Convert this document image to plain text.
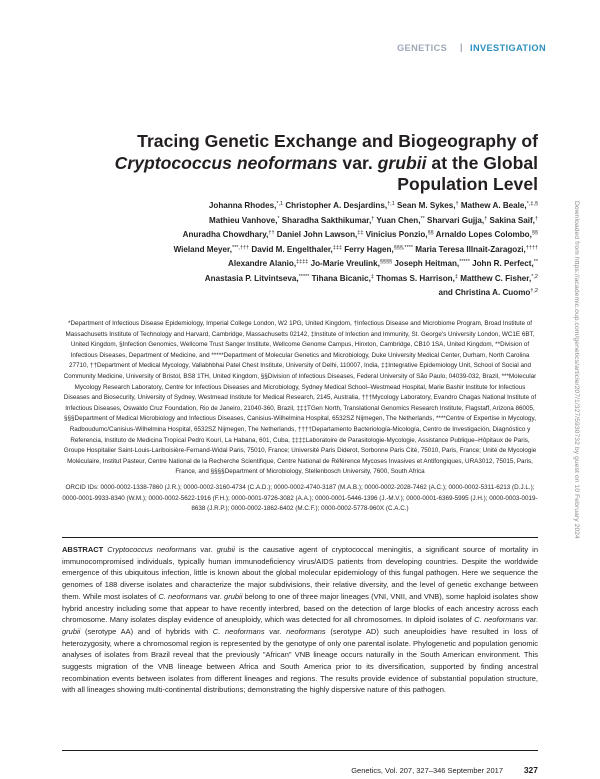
GENETICS | INVESTIGATION
Tracing Genetic Exchange and Biogeography of
Cryptococcus neoformans var. grubii at the Global
Population Level
Johanna Rhodes,$^{*,1}$ Christopher A. Desjardins,$^{\dagger,1}$ Sean M. Sykes,† Mathew A. Beale,*,‡,§
Mathieu Vanhove,* Sharadha Sakthikumar,† Yuan Chen,** Sharvari Gujja,† Sakina Saif,†
Anuradha Chowdhary,†† Daniel John Lawson,‡‡ Vinicius Ponzio,§§ Arnaldo Lopes Colombo,§§
Wieland Meyer,***,††† David M. Engelthaler,‡‡‡ Ferry Hagen,§§§,**** Maria Teresa Illnait-Zaragozi,††††
Alexandre Alanio,‡‡‡‡ Jo-Marie Vreulink,§§§§ Joseph Heitman,***** John R. Perfect,**
Anastasia P. Litvintseva,***** Tihana Bicanic,‡ Thomas S. Harrison,‡ Matthew C. Fisher,$^{*,2}$
and Christina A. Cuomo$^{\dagger,2}$
*Department of Infectious Disease Epidemiology, Imperial College London, W2 1PG, United Kingdom, †Infectious Disease and Microbiome Program, Broad Institute of Massachusetts Institute of Technology and Harvard, Cambridge, Massachusetts 02142, ‡Institute of Infection and Immunity, St. George's University London, WC1E 6BT, United Kingdom, §Infection Genomics, Wellcome Trust Sanger Institute, Wellcome Genome Campus, Hinxton, Cambridge, CB10 1SA, United Kingdom, **Division of Infectious Diseases, Department of Medicine, and *****Department of Molecular Genetics and Microbiology, Duke University Medical Center, Durham, North Carolina 27710, ††Department of Medical Mycology, Vallabhbhai Patel Chest Institute, University of Delhi, 110007, India, ‡‡Integrative Epidemiology Unit, School of Social and Community Medicine, University of Bristol, BS8 1TH, United Kingdom, §§Division of Infectious Diseases, Federal University of São Paulo, 04039-032, Brazil, ***Molecular Mycology Research Laboratory, Centre for Infectious Diseases and Microbiology, Sydney Medical School–Westmead Hospital, Marie Bashir Institute for Infectious Diseases and Biosecurity, University of Sydney, Westmead Institute for Medical Research, 2145, Australia, †††Mycology Laboratory, Evandro Chagas National Institute of Infectious Diseases, Oswaldo Cruz Foundation, Rio de Janeiro, 21040-360, Brazil, ‡‡‡TGen North, Translational Genomics Research Institute, Flagstaff, Arizona 86005, §§§Department of Medical Microbiology and Infectious Diseases, Canisius-Wilhelmina Hospital, 6532SZ Nijmegen, The Netherlands, ****Centre of Expertise in Mycology, Radboudumc/Canisius-Wilhelmina Hospital, 6532SZ Nijmegen, The Netherlands, ††††Departamento Bacteriología-Micología, Centro de Investigación, Diagnóstico y Referencia, Instituto de Medicina Tropical Pedro Kourí, La Habana, 601, Cuba, ‡‡‡‡Laboratoire de Parasitologie-Mycologie, Assistance Publique–Hôpitaux de Paris, Groupe Hospitalier Saint-Louis-Lariboisière-Fernand-Widal Paris, 75010, France; Université Paris Diderot, Sorbonne Paris Cité, 75010, Paris, France; Unité de Mycologie Moléculaire, Institut Pasteur, Centre National de la Recherche Scientifique, Centre National de Référence Mycoses Invasives et Antifongiques, URA3012, 75015, Paris, France, and §§§§Department of Microbiology, Stellenbosch University, 7600, South Africa
ORCID IDs: 0000-0002-1338-7860 (J.R.); 0000-0002-3160-4734 (C.A.D.); 0000-0002-4740-3187 (M.A.B.); 0000-0002-2028-7462 (A.C.); 0000-0002-5311-6213 (D.J.L.); 0000-0001-9933-8340 (W.M.); 0000-0002-5622-1916 (F.H.); 0000-0001-9726-3082 (A.A.); 0000-0001-5446-1396 (J.-M.V.); 0000-0001-6369-5995 (J.H.); 0000-0003-0019-8638 (J.R.P.); 0000-0002-1862-6402 (M.C.F.); 0000-0002-5778-960X (C.A.C.)
ABSTRACT Cryptococcus neoformans var. grubii is the causative agent of cryptococcal meningitis, a significant source of mortality in immunocompromised individuals, typically human immunodeficiency virus/AIDS patients from developing countries. Despite the worldwide emergence of this ubiquitous infection, little is known about the global molecular epidemiology of this fungal pathogen. Here we sequence the genomes of 188 diverse isolates and characterize the major subdivisions, their relative diversity, and the level of genetic exchange between them. While most isolates of C. neoformans var. grubii belong to one of three major lineages (VNI, VNII, and VNB), some haploid isolates show hybrid ancestry including some that appear to have recently interbred, based on the detection of large blocks of each ancestry across each chromosome. Many isolates display evidence of aneuploidy, which was detected for all chromosomes. In diploid isolates of C. neoformans var. grubii (serotype AA) and of hybrids with C. neoformans var. neoformans (serotype AD) such aneuploidies have resulted in loss of heterozygosity, where a chromosomal region is represented by the genotype of only one parental isolate. Phylogenetic and population genomic analyses of isolates from Brazil reveal that the previously "African" VNB lineage occurs naturally in the South American environment. This suggests migration of the VNB lineage between Africa and South America prior to its diversification, supported by finding ancestral recombination events between isolates from different lineages and regions. The results provide evidence of substantial population structure, with all lineages showing multi-continental distributions; demonstrating the highly dispersive nature of this pathogen.
Genetics, Vol. 207, 327–346 September 2017 327
Downloaded from https://academic.oup.com/genetics/article/207/1/327/5930732 by guest on 10 February 2024
